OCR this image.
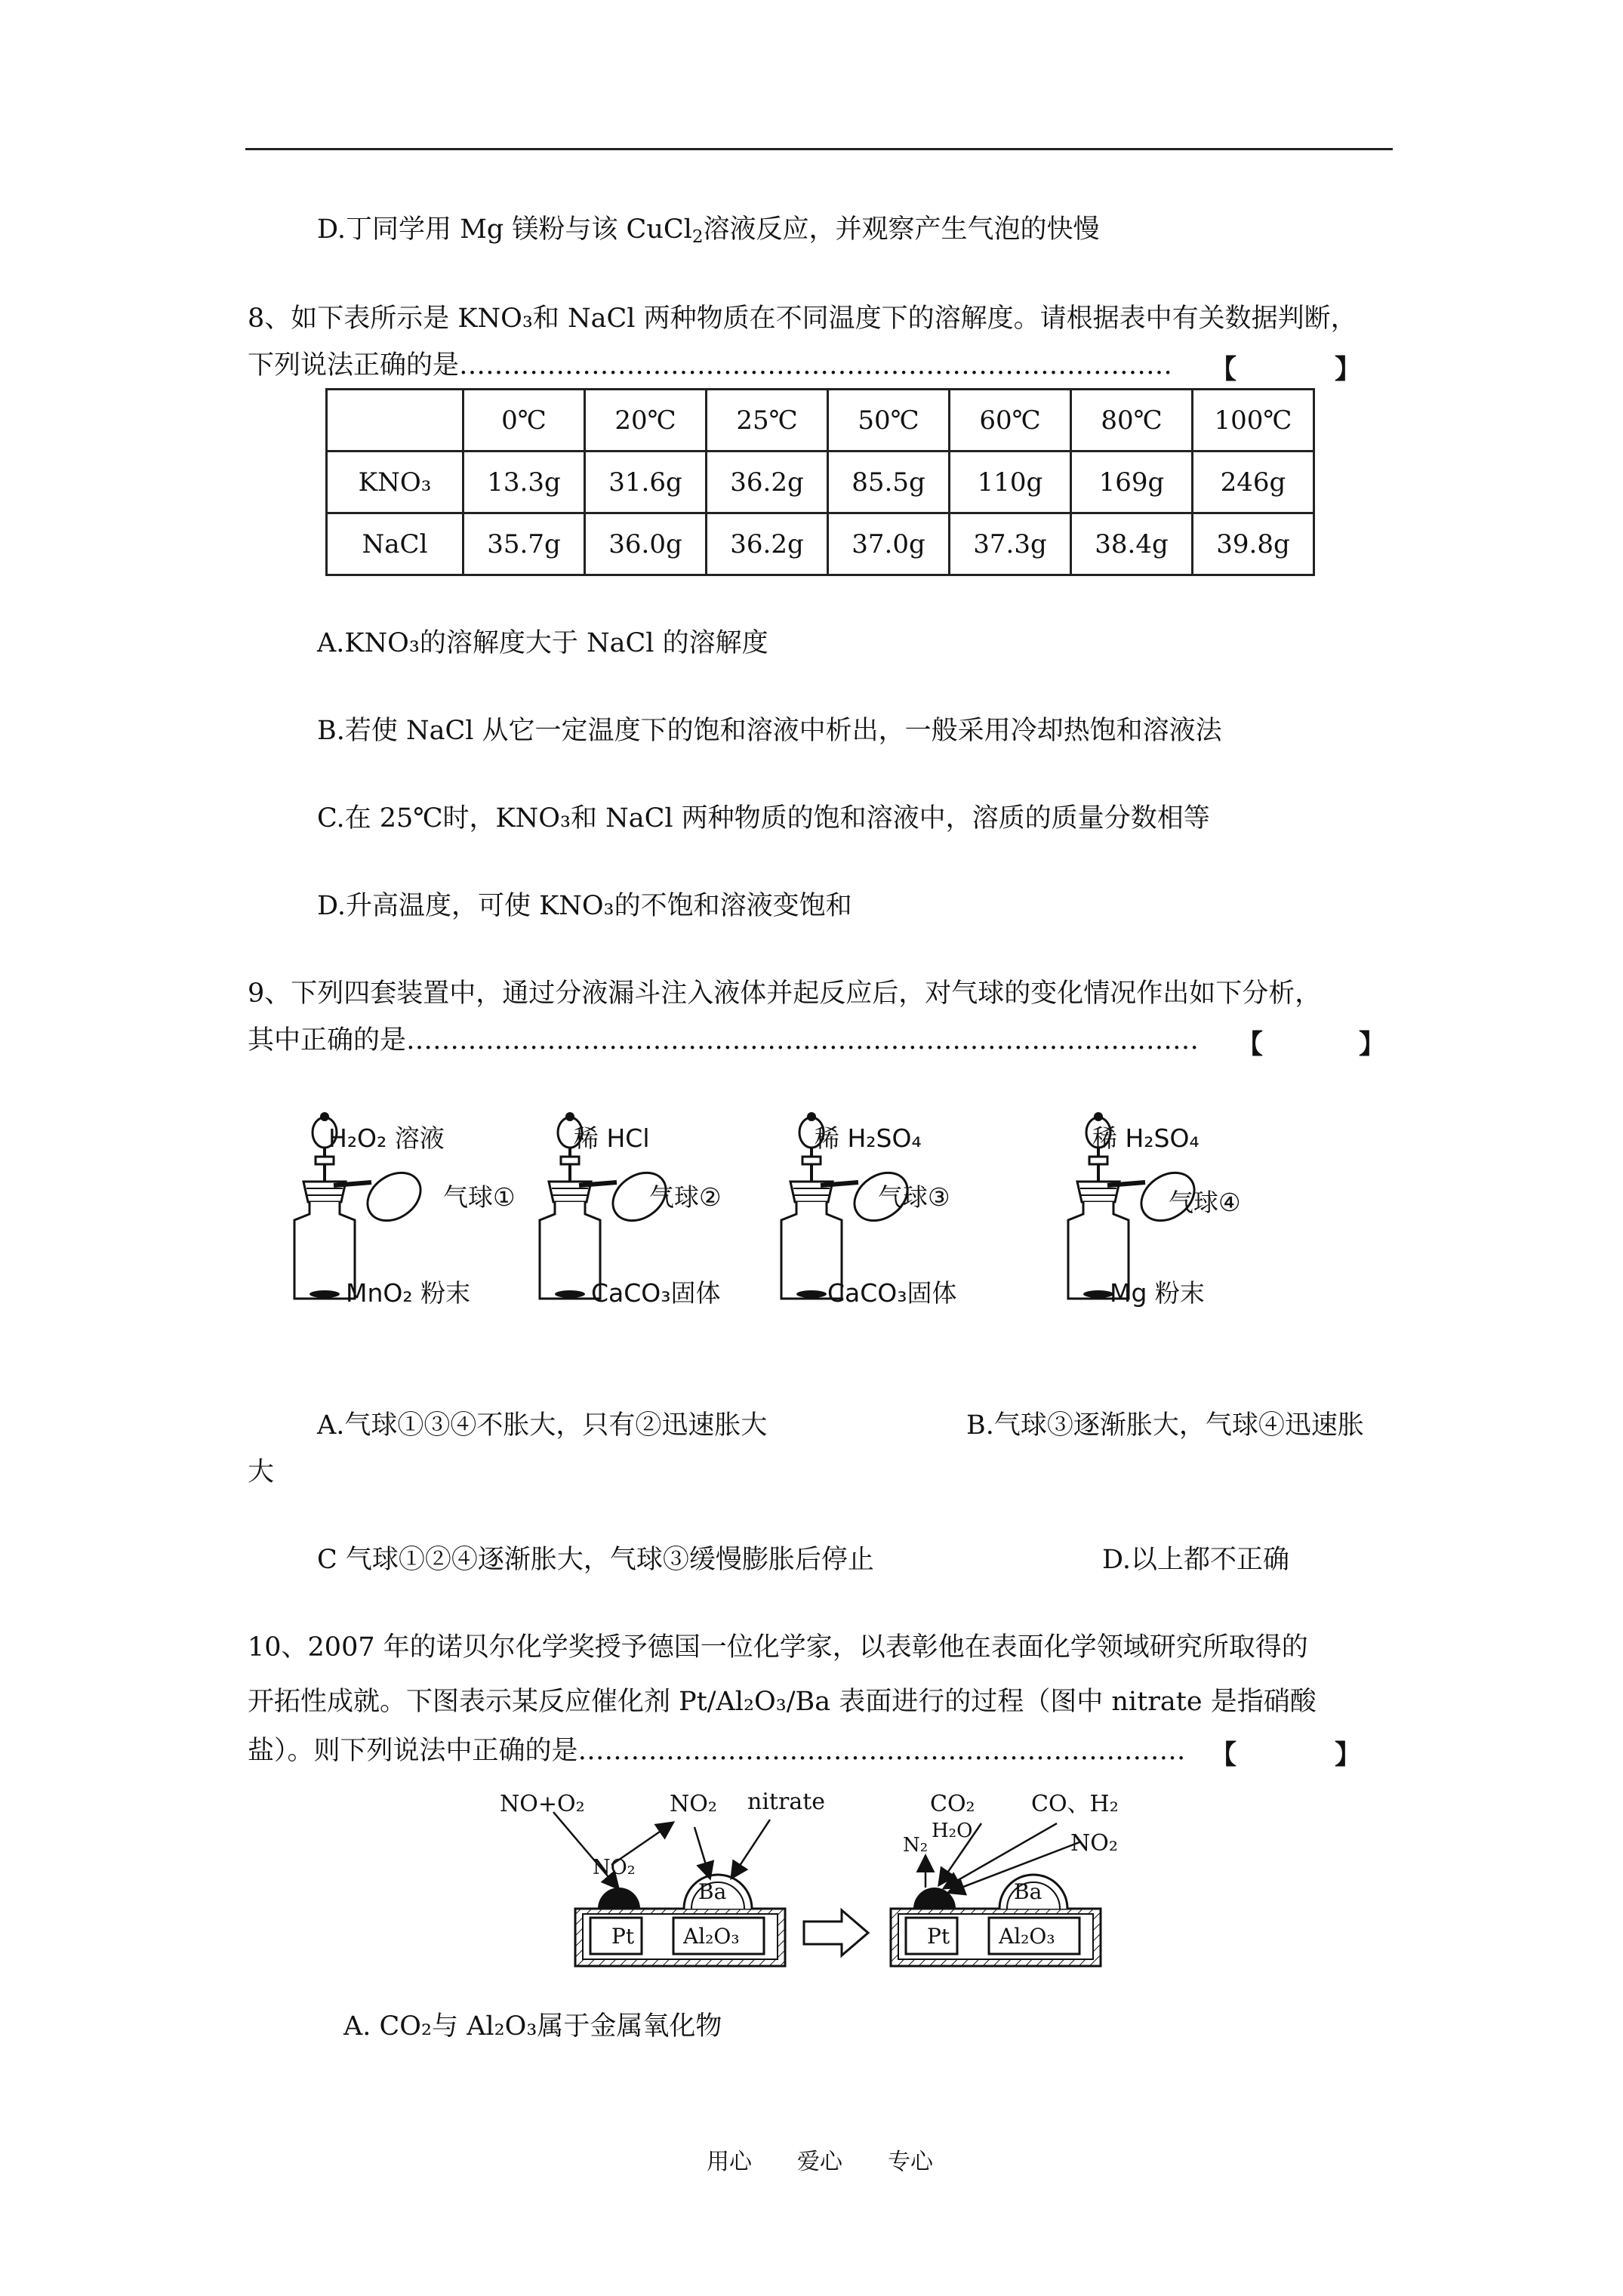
D.丁同学用 Mg 镁粉与该 CuCl$_2$溶液反应，并观察产生气泡的快慢
8、如下表所示是 KNO₃和 NaCl 两种物质在不同温度下的溶解度。请根据表中有关数据判断，
下列说法正确的是……………………………………………………………………… 【	】
	0℃	20℃	25℃	50℃	60℃	80℃	100℃
KNO₃	13.3g	31.6g	36.2g	85.5g	110g	169g	246g
NaCl	35.7g	36.0g	36.2g	37.0g	37.3g	38.4g	39.8g
A.KNO₃的溶解度大于 NaCl 的溶解度
B.若使 NaCl 从它一定温度下的饱和溶液中析出，一般采用冷却热饱和溶液法
C.在 25℃时，KNO₃和 NaCl 两种物质的饱和溶液中，溶质的质量分数相等
D.升高温度，可使 KNO₃的不饱和溶液变饱和
9、下列四套装置中，通过分液漏斗注入液体并起反应后，对气球的变化情况作出如下分析，
其中正确的是……………………………………………………………………………… 【	】
H₂O₂ 溶液
气球①
MnO₂ 粉末
稀 HCl
气球②
CaCO₃固体
稀 H₂SO₄
气球③
CaCO₃固体
稀 H₂SO₄
气球④
Mg 粉末
A.气球①③④不胀大，只有②迅速胀大	B.气球③逐渐胀大，气球④迅速胀
大
C 气球①②④逐渐胀大，气球③缓慢膨胀后停止	D.以上都不正确
10、2007 年的诺贝尔化学奖授予德国一位化学家，以表彰他在表面化学领域研究所取得的
开拓性成就。下图表示某反应催化剂 Pt/Al₂O₃/Ba 表面进行的过程（图中 nitrate 是指硝酸
盐）。则下列说法中正确的是…………………………………………………………… 【	】
NO+O₂	NO₂ nitrate
NO₂
Pt
Ba
Al₂O₃
CO₂ CO、H₂
N₂
H₂O	NO₂
Pt
Ba
Al₂O₃
A. CO₂与 Al₂O₃属于金属氧化物
用心　　爱心　　专心
